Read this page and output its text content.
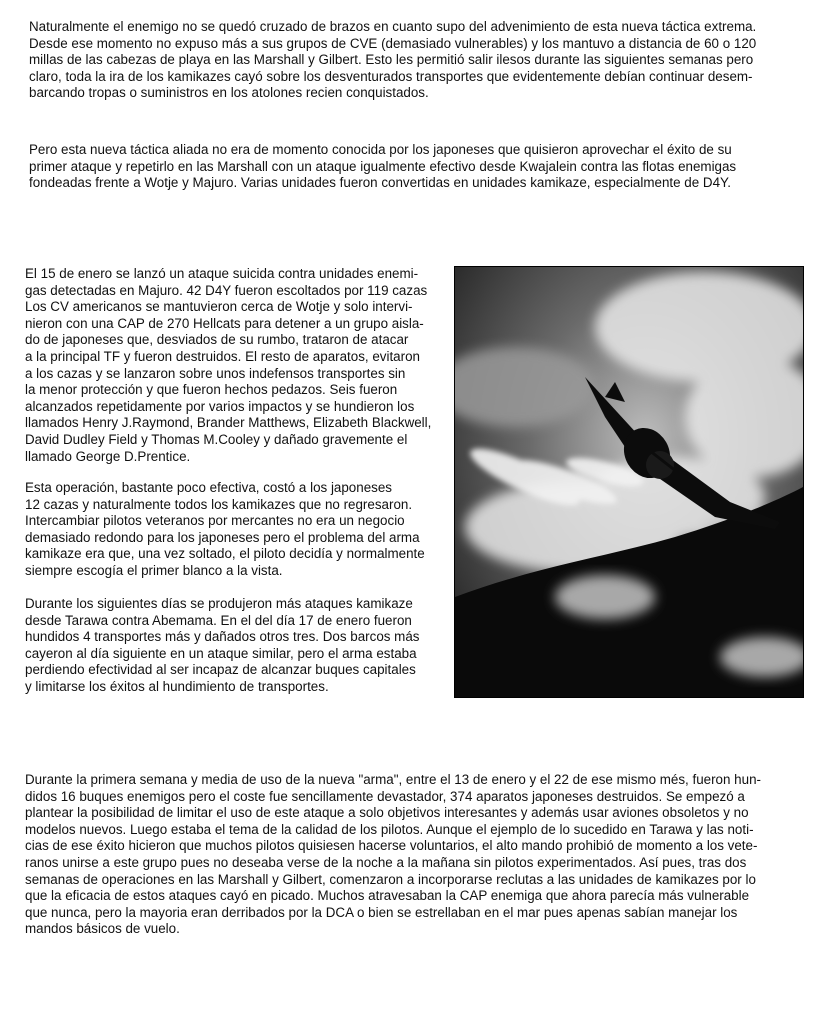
Naturalmente el enemigo no se quedó cruzado de brazos en cuanto supo del advenimiento de esta nueva táctica extrema.
Desde ese momento no expuso más a sus grupos de CVE (demasiado vulnerables) y los mantuvo a distancia de 60 o 120
millas de las cabezas de playa en las Marshall y Gilbert. Esto les permitió salir ilesos durante las siguientes semanas pero
claro, toda la ira de los kamikazes cayó sobre los desventurados transportes que evidentemente debían continuar desem-
barcando tropas o suministros en los atolones recien conquistados.
Pero esta nueva táctica aliada no era de momento conocida por los japoneses que quisieron aprovechar el éxito de su
primer ataque y repetirlo en las Marshall con un ataque igualmente efectivo desde Kwajalein contra las flotas enemigas
fondeadas frente a Wotje y Majuro. Varias unidades fueron convertidas en unidades kamikaze, especialmente de D4Y.
El 15 de enero se lanzó un ataque suicida contra unidades enemi-
gas detectadas en Majuro. 42 D4Y fueron escoltados por 119 cazas
Los CV americanos se mantuvieron cerca de Wotje y solo intervi-
nieron con una CAP de 270 Hellcats para detener a un grupo aisla-
do de japoneses que, desviados de su rumbo, trataron de atacar
a la principal TF y fueron destruidos. El resto de aparatos, evitaron
a los cazas y se lanzaron sobre unos indefensos transportes sin
la menor protección y que fueron hechos pedazos. Seis fueron
alcanzados repetidamente por varios impactos y se hundieron los
llamados Henry J.Raymond, Brander Matthews, Elizabeth Blackwell,
David Dudley Field y Thomas M.Cooley y dañado gravemente el
llamado George D.Prentice.
Esta operación, bastante poco efectiva, costó a los japoneses
12 cazas y naturalmente todos los kamikazes que no regresaron.
Intercambiar pilotos veteranos por mercantes no era un negocio
demasiado redondo para los japoneses pero el problema del arma
kamikaze era que, una vez soltado, el piloto decidía y normalmente
siempre escogía el primer blanco a la vista.
Durante los siguientes días se produjeron más ataques kamikaze
desde Tarawa contra Abemama. En el del día 17 de enero fueron
hundidos 4 transportes más y dañados otros tres. Dos barcos más
cayeron al día siguiente en un ataque similar, pero el arma estaba
perdiendo efectividad al ser incapaz de alcanzar buques capitales
y limitarse los éxitos al hundimiento de transportes.
Durante la primera semana y media de uso de la nueva "arma", entre el 13 de enero y el 22 de ese mismo més, fueron hun-
didos 16 buques enemigos pero el coste fue sencillamente devastador, 374 aparatos japoneses destruidos. Se empezó a
plantear la posibilidad de limitar el uso de este ataque a solo objetivos interesantes y además usar aviones obsoletos y no
modelos nuevos. Luego estaba el tema de la calidad de los pilotos. Aunque el ejemplo de lo sucedido en Tarawa y las noti-
cias de ese éxito hicieron que muchos pilotos quisiesen hacerse voluntarios, el alto mando prohibió de momento a los vete-
ranos unirse a este grupo pues no deseaba verse de la noche a la mañana sin pilotos experimentados. Así pues, tras dos
semanas de operaciones en las Marshall y Gilbert, comenzaron a incorporarse reclutas a las unidades de kamikazes por lo
que la eficacia de estos ataques cayó en picado. Muchos atravesaban la CAP enemiga que ahora parecía más vulnerable
que nunca, pero la mayoria eran derribados por la DCA o bien se estrellaban en el mar pues apenas sabían manejar los
mandos básicos de vuelo.
